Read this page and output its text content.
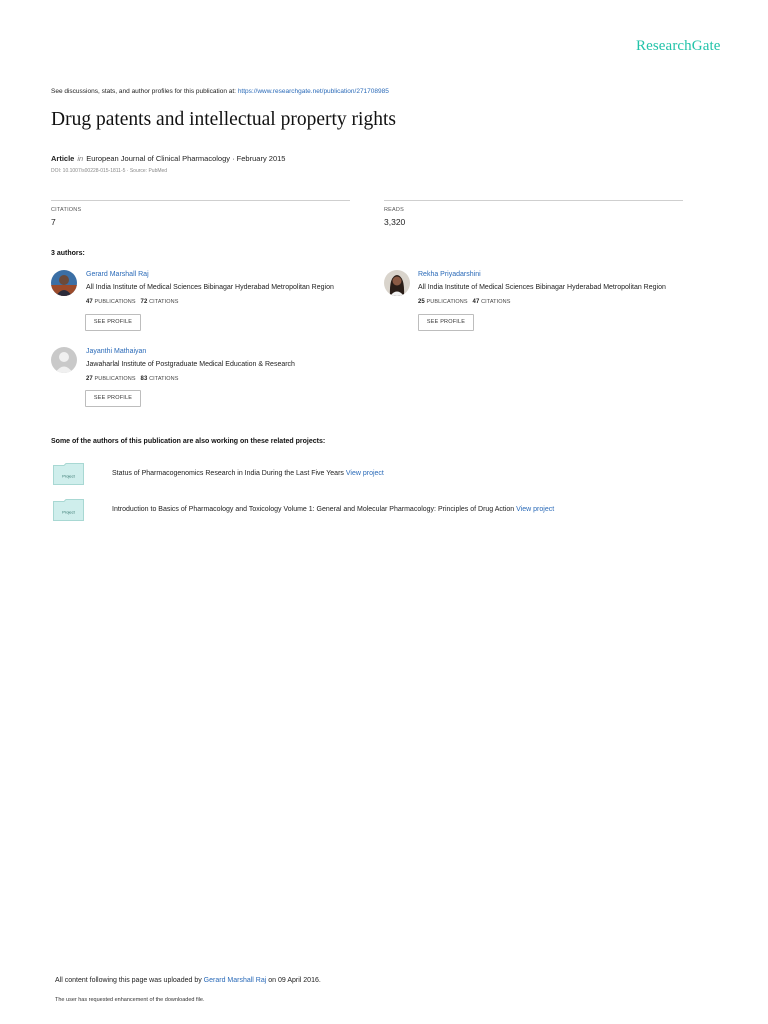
ResearchGate
See discussions, stats, and author profiles for this publication at: https://www.researchgate.net/publication/271708985
Drug patents and intellectual property rights
Article in European Journal of Clinical Pharmacology · February 2015
DOI: 10.1007/s00228-015-1811-5 · Source: PubMed
CITATIONS
7
READS
3,320
3 authors:
Gerard Marshall Raj
All India Institute of Medical Sciences Bibinagar Hyderabad Metropolitan Region
47 PUBLICATIONS 72 CITATIONS
SEE PROFILE
Rekha Priyadarshini
All India Institute of Medical Sciences Bibinagar Hyderabad Metropolitan Region
25 PUBLICATIONS 47 CITATIONS
SEE PROFILE
Jayanthi Mathaiyan
Jawaharlal Institute of Postgraduate Medical Education & Research
27 PUBLICATIONS 83 CITATIONS
SEE PROFILE
Some of the authors of this publication are also working on these related projects:
Project	Status of Pharmacogenomics Research in India During the Last Five Years View project
Project	Introduction to Basics of Pharmacology and Toxicology Volume 1: General and Molecular Pharmacology: Principles of Drug Action View project
All content following this page was uploaded by Gerard Marshall Raj on 09 April 2016.
The user has requested enhancement of the downloaded file.
